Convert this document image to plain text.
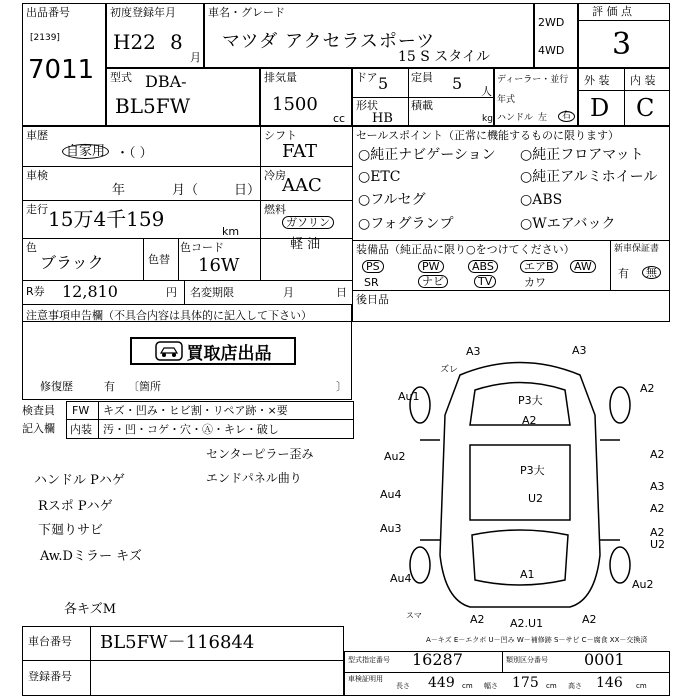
出品番号
[2139]
7011
初度登録年月
H22 8
月
車名・グレード
マツダ アクセラスポーツ
15 S スタイル
2WD
4WD
評 価 点
3
型式 DBA-
BL5FW
排気量
1500
cc
ドア 5 定員 5 人
形状
HB
積載
kg
ディーラー・並行
年式
ハンドル 左	右
外 装 内 装
D C
車歴
自家用 ・（ ）
車検
年	月（	日）
走行 15万4千159
km
色
ブラック	色替
色コード
16W
シフト
FAT
冷房
AAC
燃料
ガソリン
軽 油
R券 12,810	円 名変期限	月	日
セールスポイント（正常に機能するものに限ります）
○純正ナビゲーション ○純正フロアマット
○ETC	○純正アルミホイール
○フルセグ	○ABS
○フォグランプ	○Wエアバック
装備品（純正品に限り○をつけてください）
PS	PW	ABS	エアB	AW
SR	ナビ	TV	カワ
新車保証書
有	無
後日品
注意事項申告欄（不具合内容は具体的に記入して下さい）
買取店出品
修復歴	有 〔箇所	〕
検査員
記入欄
FW キズ・凹み・ヒビ割・リペア跡・×要
内装 汚・凹・コゲ・穴・Ⓐ・キレ・破し
センターピラー歪み
エンドパネル曲り
ハンドル Pハゲ
Rスポ Pハゲ
下廻りサビ
Aw.Dミラー キズ
各キズM
A3	A3
ズレ
Au1
A2
P3大
A2
Au2	A2
P3大
U2
A3
Au4
A2
A2
U2
Au3
A1
Au4	Au2
A2 A2.U1	A2
スマ
A－キズ E－エクボ U－凹み W－補修跡 S－サビ C－腐食 XX－交換済
車台番号 BL5FW－116844
登録番号
型式指定番号 16287	類別区分番号 0001
車検証明用
長さ 449 cm 幅さ 175 cm 高さ 146 cm
